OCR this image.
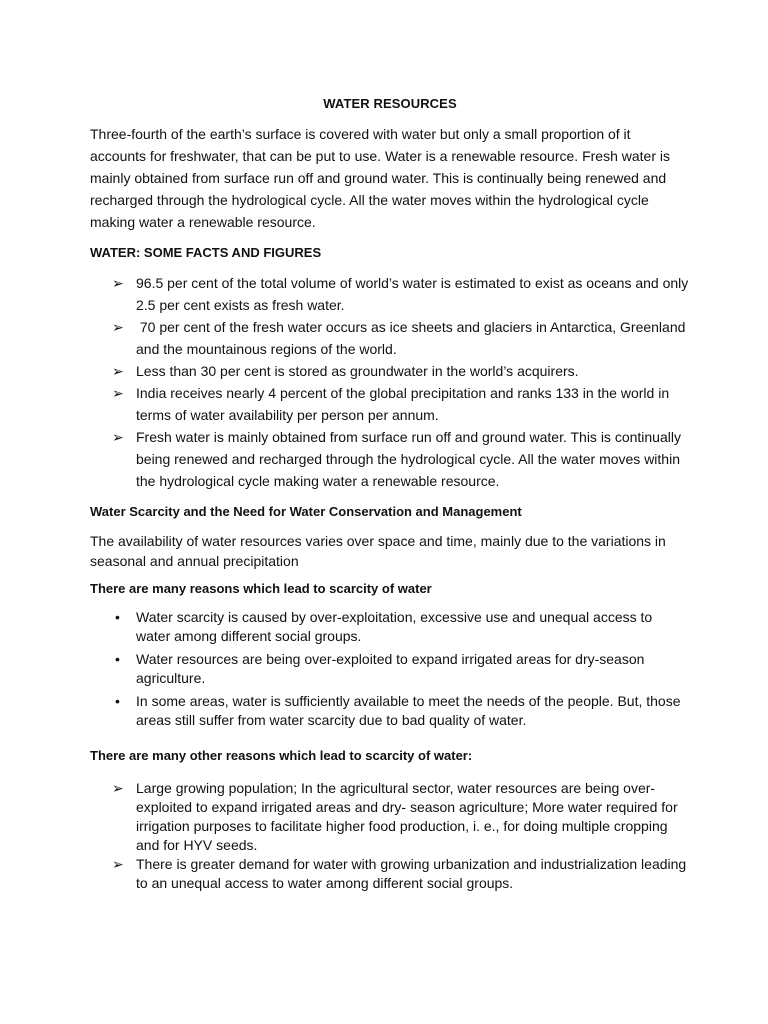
WATER RESOURCES

Three-fourth of the earth’s surface is covered with water but only a small proportion of it accounts for freshwater, that can be put to use. Water is a renewable resource. Fresh water is mainly obtained from surface run off and ground water. This is continually being renewed and recharged through the hydrological cycle. All the water moves within the hydrological cycle making water a renewable resource.

WATER: SOME FACTS AND FIGURES
➢ 96.5 per cent of the total volume of world’s water is estimated to exist as oceans and only 2.5 per cent exists as fresh water.
➢ 70 per cent of the fresh water occurs as ice sheets and glaciers in Antarctica, Greenland and the mountainous regions of the world.
➢ Less than 30 per cent is stored as groundwater in the world’s acquirers.
➢ India receives nearly 4 percent of the global precipitation and ranks 133 in the world in terms of water availability per person per annum.
➢ Fresh water is mainly obtained from surface run off and ground water. This is continually being renewed and recharged through the hydrological cycle. All the water moves within the hydrological cycle making water a renewable resource.
Water Scarcity and the Need for Water Conservation and Management

The availability of water resources varies over space and time, mainly due to the variations in seasonal and annual precipitation

There are many reasons which lead to scarcity of water
• Water scarcity is caused by over-exploitation, excessive use and unequal access to water among different social groups.
• Water resources are being over-exploited to expand irrigated areas for dry-season agriculture.
• In some areas, water is sufficiently available to meet the needs of the people. But, those areas still suffer from water scarcity due to bad quality of water.
There are many other reasons which lead to scarcity of water:
➢ Large growing population; In the agricultural sector, water resources are being over-exploited to expand irrigated areas and dry- season agriculture; More water required for irrigation purposes to facilitate higher food production, i. e., for doing multiple cropping and for HYV seeds.
➢ There is greater demand for water with growing urbanization and industrialization leading to an unequal access to water among different social groups.
